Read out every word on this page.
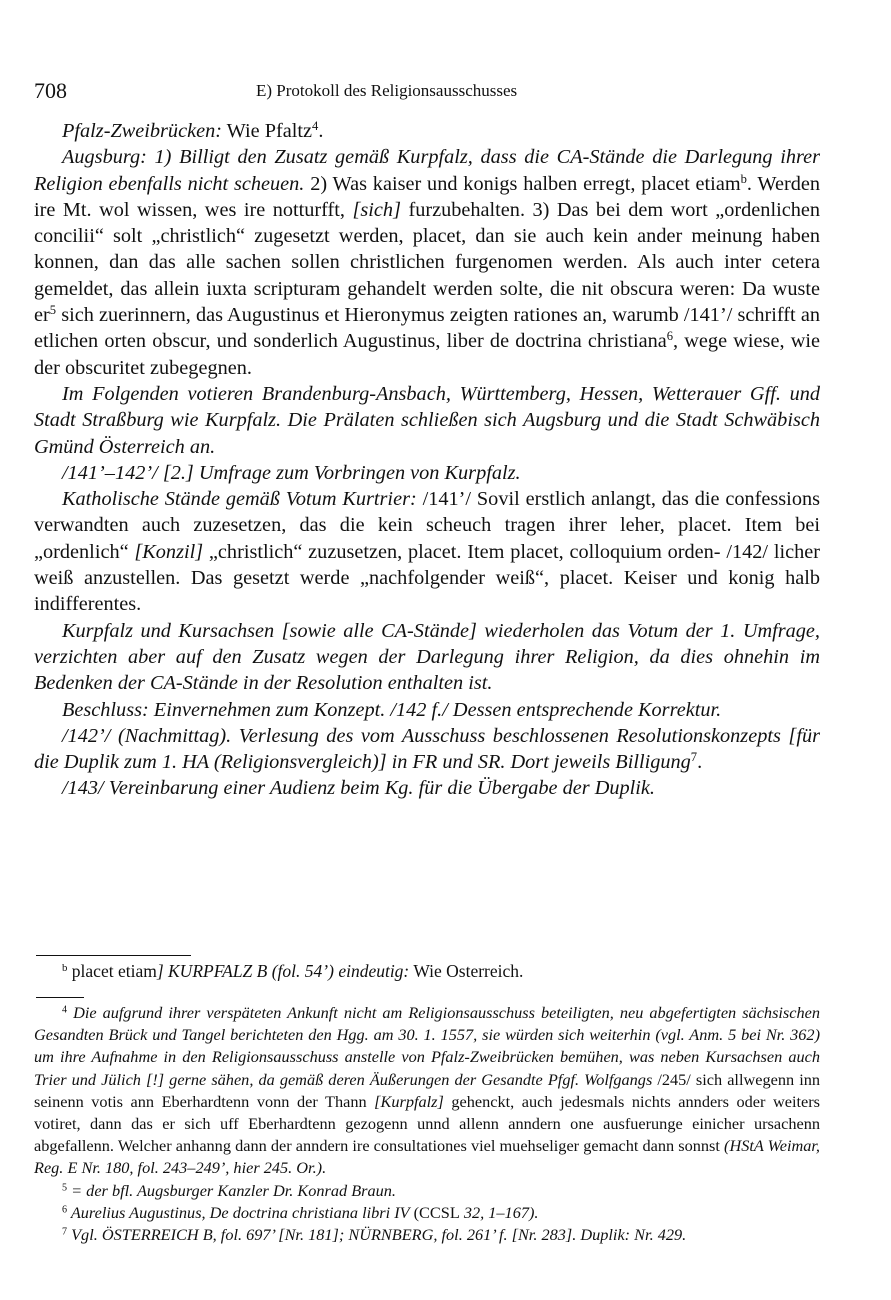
708	E) Protokoll des Religionsausschusses

Pfalz-Zweibrücken: Wie Pfaltz$^4$.

Augsburg: 1) Billigt den Zusatz gemäß Kurpfalz, dass die CA-Stände die Darlegung ihrer Religion ebenfalls nicht scheuen. 2) Was kaiser und konigs halben erregt, placet etiam$^b$. Werden ire Mt. wol wissen, wes ire notturfft, [sich] furzubehalten. 3) Das bei dem wort „ordenlichen concilii“ solt „christlich“ zugesetzt werden, placet, dan sie auch kein ander meinung haben konnen, dan das alle sachen sollen christlichen furgenomen werden. Als auch inter cetera gemeldet, das allein iuxta scripturam gehandelt werden solte, die nit obscura weren: Da wuste $er^5$ sich zuerinnern, das Augustinus et Hieronymus zeigten rationes an, warumb /141’/ schrifft an etlichen orten obscur, und sonderlich Augustinus, liber de doctrina christiana$^6$, wege wiese, wie der obscuritet zubegegnen.

Im Folgenden votieren Brandenburg-Ansbach, Württemberg, Hessen, Wetterauer Gff. und Stadt Straßburg wie Kurpfalz. Die Prälaten schließen sich Augsburg und die Stadt Schwäbisch Gmünd Österreich an.

/141’–142’/ [2.] Umfrage zum Vorbringen von Kurpfalz.

Katholische Stände gemäß Votum Kurtrier: /141’/ Sovil erstlich anlangt, das die confessions verwandten auch zuzesetzen, das die kein scheuch tragen ihrer leher, placet. Item bei „ordenlich“ [Konzil] „christlich“ zuzusetzen, placet. Item placet, colloquium orden- /142/ licher weiß anzustellen. Das gesetzt werde „nachfolgender weiß“, placet. Keiser und konig halb indifferentes.

Kurpfalz und Kursachsen [sowie alle CA-Stände] wiederholen das Votum der 1. Umfrage, verzichten aber auf den Zusatz wegen der Darlegung ihrer Religion, da dies ohnehin im Bedenken der CA-Stände in der Resolution enthalten ist.

Beschluss: Einvernehmen zum Konzept. /142 f./ Dessen entsprechende Korrektur.

/142’/ (Nachmittag). Verlesung des vom Ausschuss beschlossenen Resolutionskonzepts [für die Duplik zum 1. HA (Religionsvergleich)] in FR und SR. Dort jeweils Billigung$^7$.

/143/ Vereinbarung einer Audienz beim Kg. für die Übergabe der Duplik.

$^b$ placet etiam] KURPFALZ B (fol. 54’) eindeutig: Wie Osterreich.

$^4$ Die aufgrund ihrer verspäteten Ankunft nicht am Religionsausschuss beteiligten, neu abgefertigten sächsischen Gesandten Brück und Tangel berichteten den Hgg. am 30. 1. 1557, sie würden sich weiterhin (vgl. Anm. 5 bei Nr. 362) um ihre Aufnahme in den Religionsausschuss anstelle von Pfalz-Zweibrücken bemühen, was neben Kursachsen auch Trier und Jülich [!] gerne sähen, da gemäß deren Äußerungen der Gesandte Pfgf. Wolfgangs /245/ sich allwegenn inn seinenn votis ann Eberhardtenn vonn der Thann [Kurpfalz] gehenckt, auch jedesmals nichts annders oder weiters votiret, dann das er sich uff Eberhardtenn gezogenn unnd allenn anndern one ausfuerunge einicher ursachenn abgefallenn. Welcher anhanng dann der anndern ire consultationes viel muehseliger gemacht dann sonnst (HStA Weimar, Reg. E Nr. 180, fol. 243–249’, hier 245. Or.).

$^5$ = der bfl. Augsburger Kanzler Dr. Konrad Braun.

$^6$ Aurelius Augustinus, De doctrina christiana libri IV (CCSL 32, 1–167).

$^7$ Vgl. ÖSTERREICH B, fol. 697’ [Nr. 181]; NÜRNBERG, fol. 261’ f. [Nr. 283]. Duplik: Nr. 429.
